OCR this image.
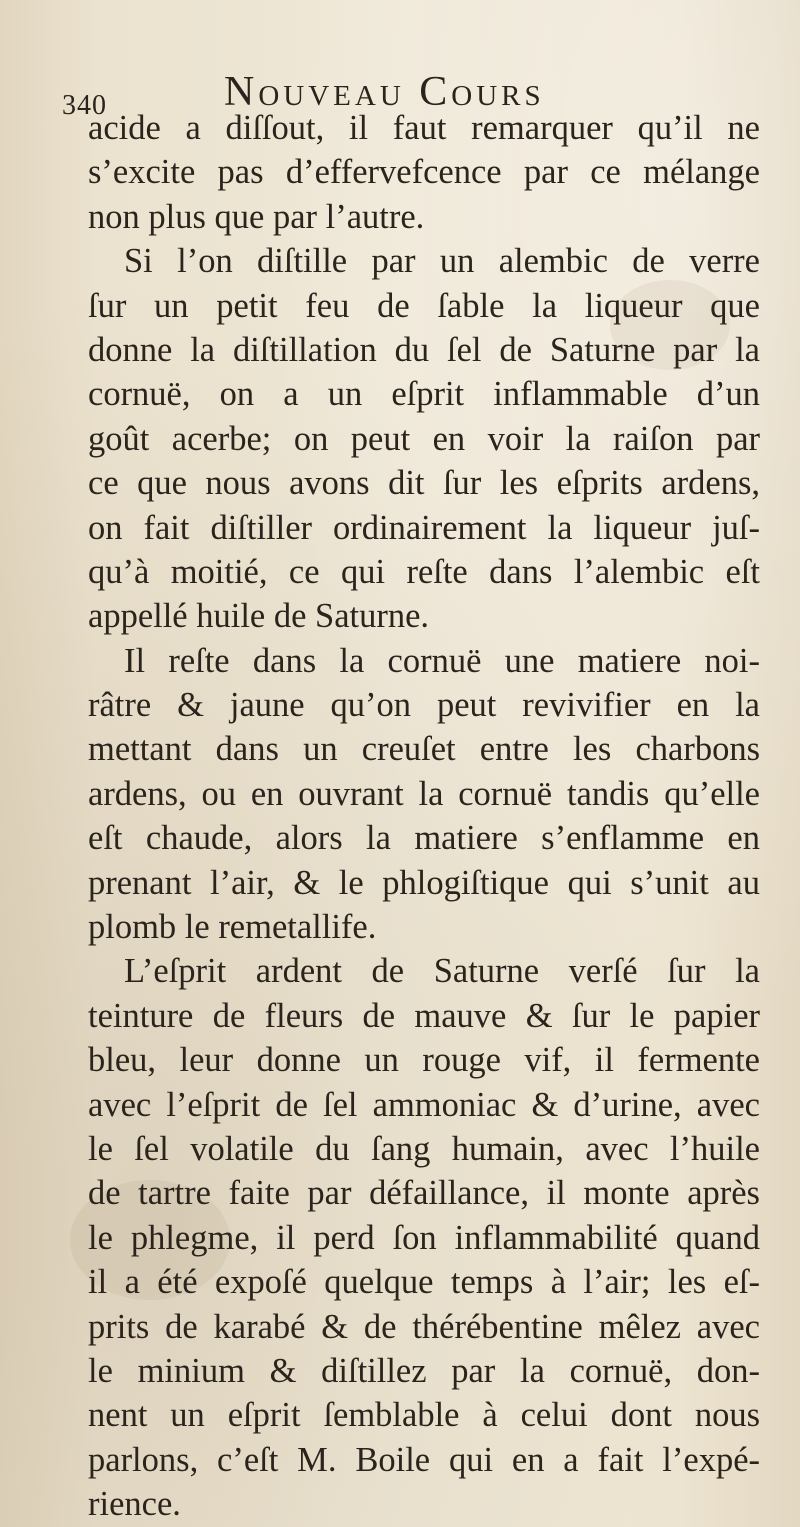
340	Nouveau Cours
acide a diſſout, il faut remarquer qu’il ne
s’excite pas d’effervefcence par ce mélange
non plus que par l’autre.
Si l’on diſtille par un alembic de verre
ſur un petit feu de ſable la liqueur que
donne la diſtillation du ſel de Saturne par la
cornuë, on a un eſprit inflammable d’un
goût acerbe; on peut en voir la raiſon par
ce que nous avons dit ſur les eſprits ardens,
on fait diſtiller ordinairement la liqueur juſ-
qu’à moitié, ce qui reſte dans l’alembic eſt
appellé huile de Saturne.
Il reſte dans la cornuë une matiere noi-
râtre & jaune qu’on peut revivifier en la
mettant dans un creuſet entre les charbons
ardens, ou en ouvrant la cornuë tandis qu’elle
eſt chaude, alors la matiere s’enflamme en
prenant l’air, & le phlogiſtique qui s’unit au
plomb le remetallife.
L’eſprit ardent de Saturne verſé ſur la
teinture de fleurs de mauve & ſur le papier
bleu, leur donne un rouge vif, il fermente
avec l’eſprit de ſel ammoniac & d’urine, avec
le ſel volatile du ſang humain, avec l’huile
de tartre faite par défaillance, il monte après
le phlegme, il perd ſon inflammabilité quand
il a été expoſé quelque temps à l’air; les eſ-
prits de karabé & de thérébentine mêlez avec
le minium & diſtillez par la cornuë, don-
nent un eſprit ſemblable à celui dont nous
parlons, c’eſt M. Boile qui en a fait l’expé-
rience.
